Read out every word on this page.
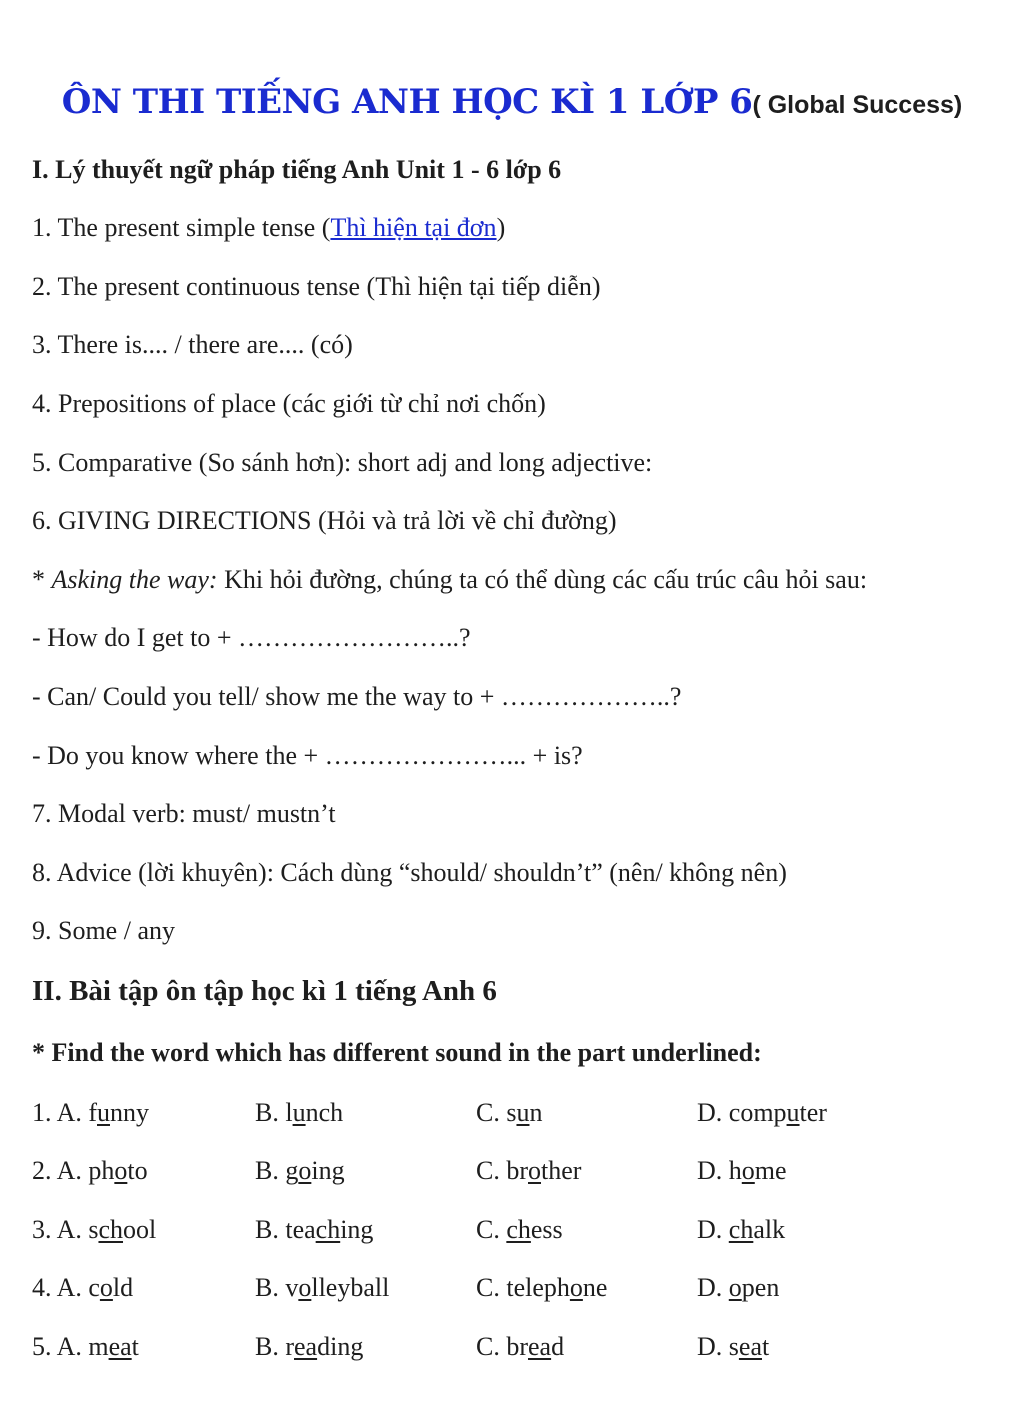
ÔN THI TIẾNG ANH HỌC KÌ 1 LỚP 6( Global Success)
I. Lý thuyết ngữ pháp tiếng Anh Unit 1 - 6 lớp 6
1. The present simple tense (Thì hiện tại đơn)
2. The present continuous tense (Thì hiện tại tiếp diễn)
3. There is.... / there are.... (có)
4. Prepositions of place (các giới từ chỉ nơi chốn)
5. Comparative (So sánh hơn): short adj and long adjective:
6. GIVING DIRECTIONS (Hỏi và trả lời về chỉ đường)
* Asking the way: Khi hỏi đường, chúng ta có thể dùng các cấu trúc câu hỏi sau:
- How do I get to + ……………………..?
- Can/ Could you tell/ show me the way to + ………………..?
- Do you know where the + …………………... + is?
7. Modal verb: must/ mustn’t
8. Advice (lời khuyên): Cách dùng “should/ shouldn’t” (nên/ không nên)
9. Some / any
II. Bài tập ôn tập học kì 1 tiếng Anh 6
* Find the word which has different sound in the part underlined:
1. A. funny	B. lunch	C. sun	D. computer
2. A. photo	B. going	C. brother	D. home
3. A. school	B. teaching	C. chess	D. chalk
4. A. cold	B. volleyball	C. telephone	D. open
5. A. meat	B. reading	C. bread	D. seat
